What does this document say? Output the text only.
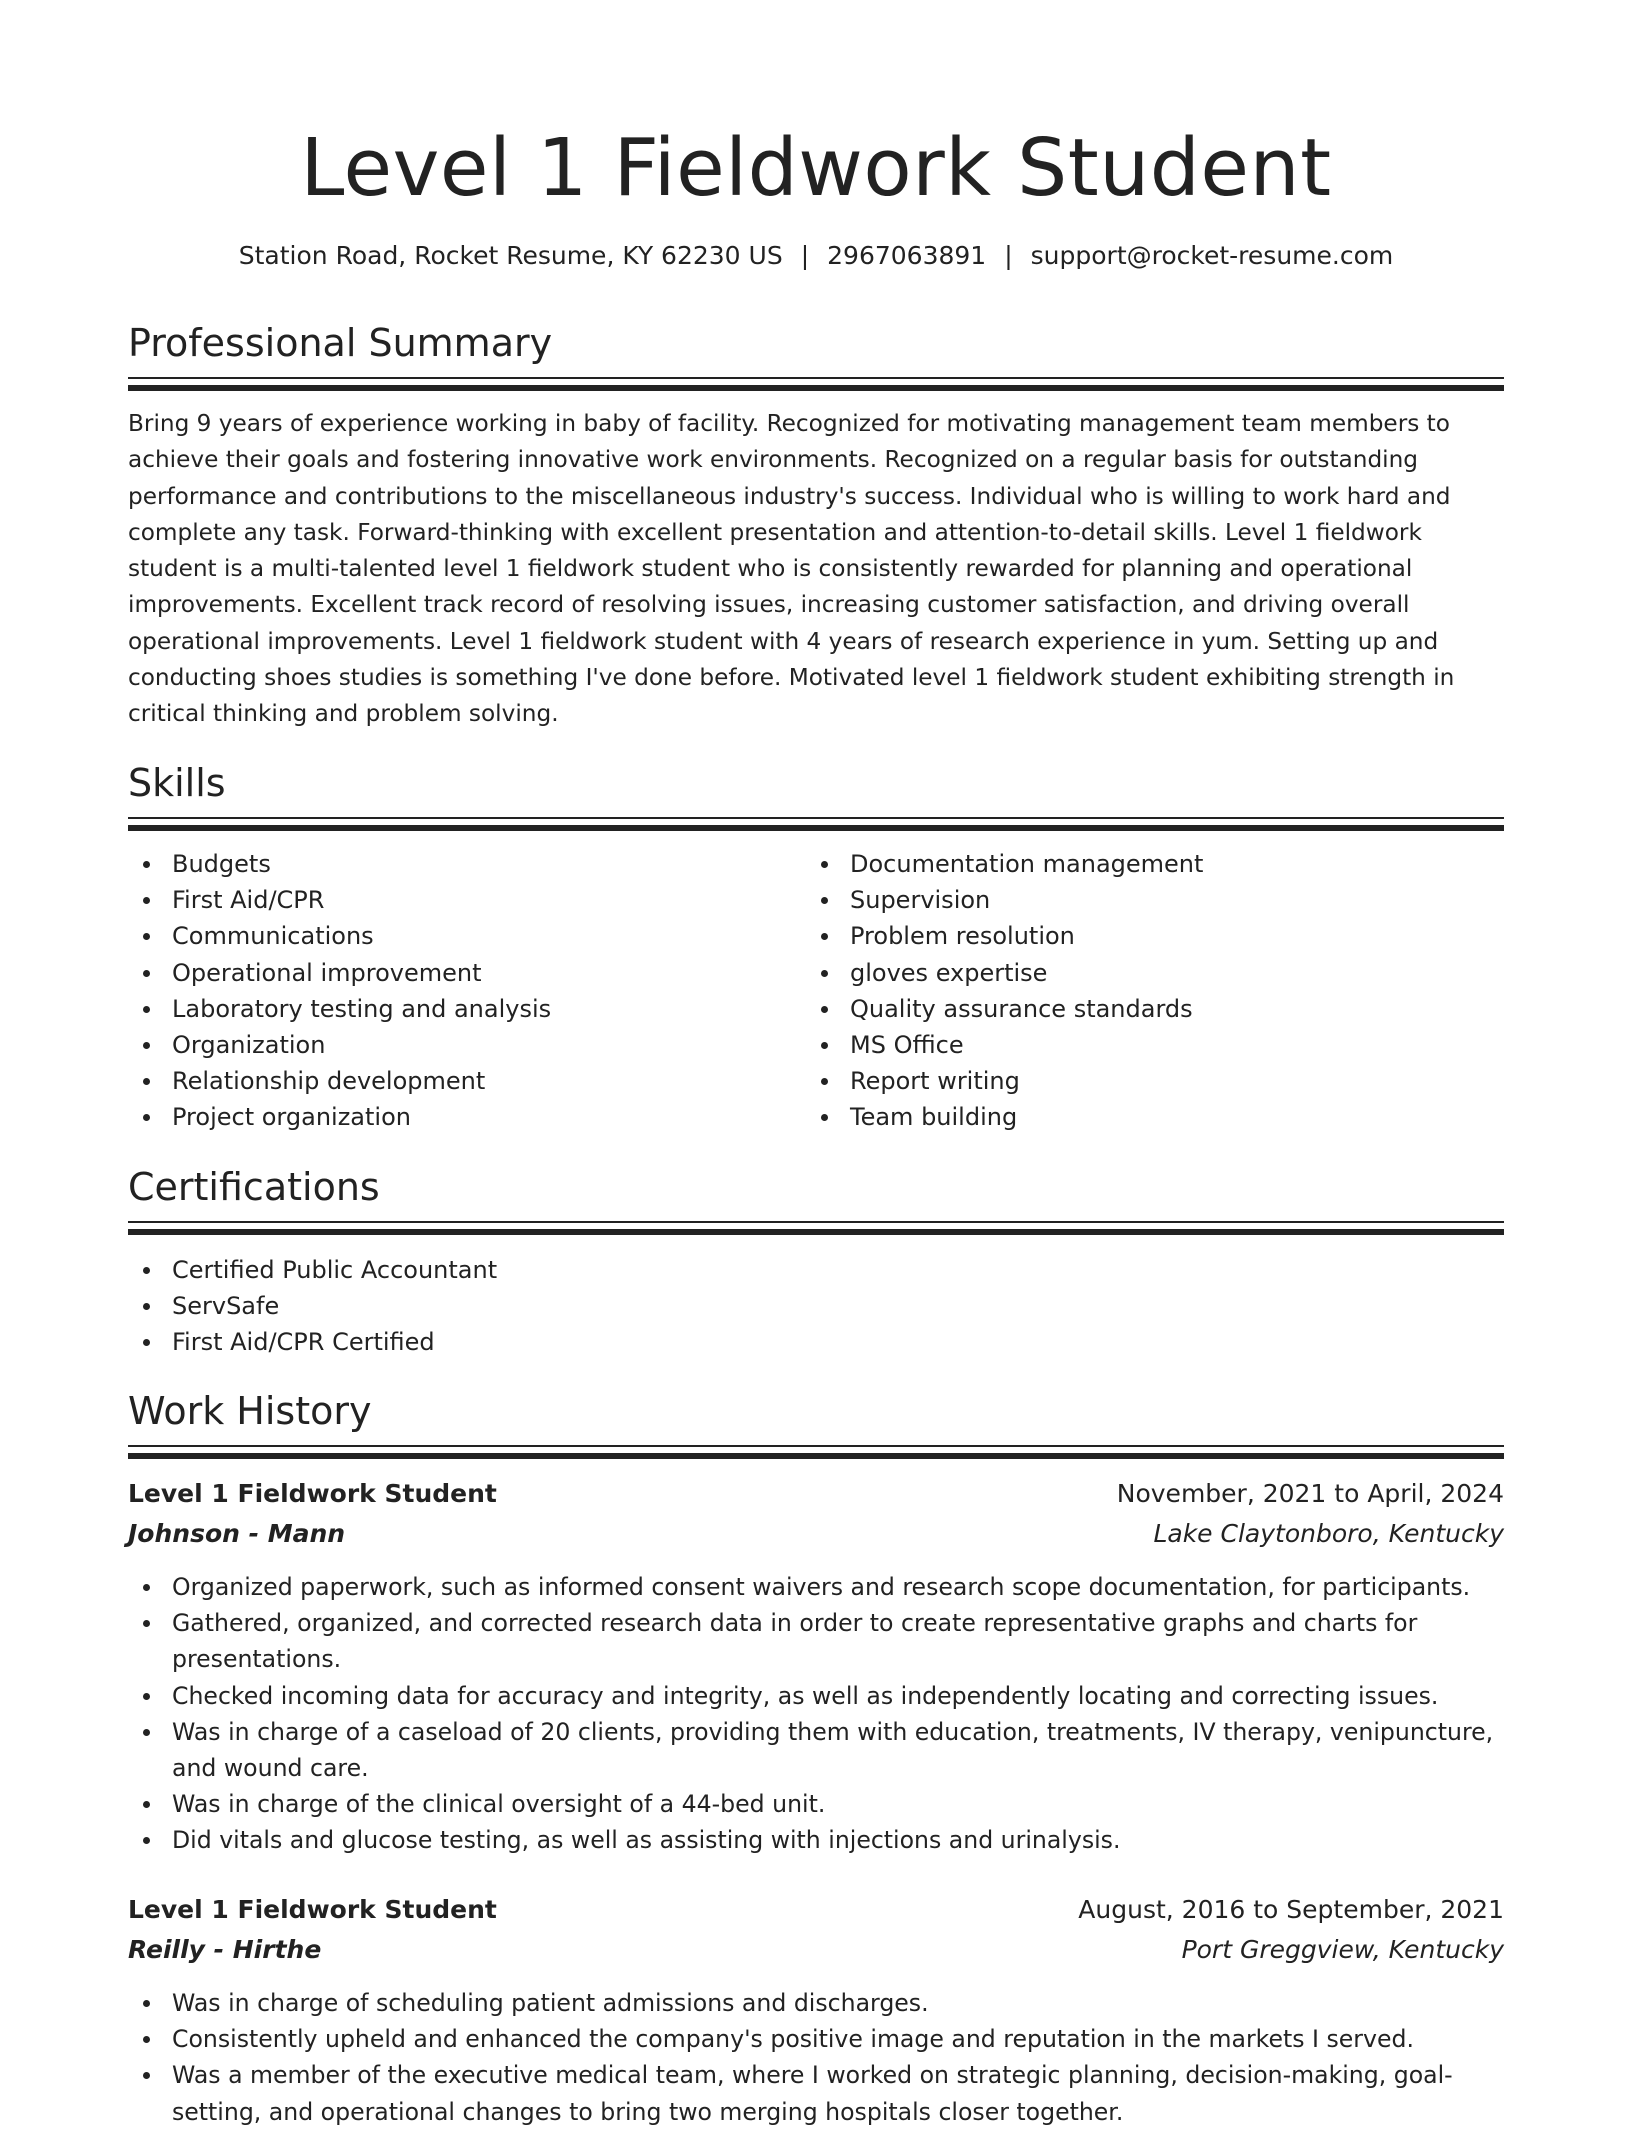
Level 1 Fieldwork Student
Station Road, Rocket Resume, KY 62230 US | 2967063891 | support@rocket-resume.com
Professional Summary

Bring 9 years of experience working in baby of facility. Recognized for motivating management team members to achieve their goals and fostering innovative work environments. Recognized on a regular basis for outstanding performance and contributions to the miscellaneous industry's success. Individual who is willing to work hard and complete any task. Forward-thinking with excellent presentation and attention-to-detail skills. Level 1 fieldwork student is a multi-talented level 1 fieldwork student who is consistently rewarded for planning and operational improvements. Excellent track record of resolving issues, increasing customer satisfaction, and driving overall operational improvements. Level 1 fieldwork student with 4 years of research experience in yum. Setting up and conducting shoes studies is something I've done before. Motivated level 1 fieldwork student exhibiting strength in critical thinking and problem solving.

Skills
Budgets
First Aid/CPR
Communications
Operational improvement
Laboratory testing and analysis
Organization
Relationship development
Project organization
Documentation management
Supervision
Problem resolution
gloves expertise
Quality assurance standards
MS Office
Report writing
Team building
Certifications
Certified Public Accountant
ServSafe
First Aid/CPR Certified
Work History
Level 1 Fieldwork Student	November, 2021 to April, 2024
Johnson - Mann	Lake Claytonboro, Kentucky
Organized paperwork, such as informed consent waivers and research scope documentation, for participants.
Gathered, organized, and corrected research data in order to create representative graphs and charts for presentations.
Checked incoming data for accuracy and integrity, as well as independently locating and correcting issues.
Was in charge of a caseload of 20 clients, providing them with education, treatments, IV therapy, venipuncture, and wound care.
Was in charge of the clinical oversight of a 44-bed unit.
Did vitals and glucose testing, as well as assisting with injections and urinalysis.
Level 1 Fieldwork Student	August, 2016 to September, 2021
Reilly - Hirthe	Port Greggview, Kentucky
Was in charge of scheduling patient admissions and discharges.
Consistently upheld and enhanced the company's positive image and reputation in the markets I served.
Was a member of the executive medical team, where I worked on strategic planning, decision-making, goal-setting, and operational changes to bring two merging hospitals closer together.
